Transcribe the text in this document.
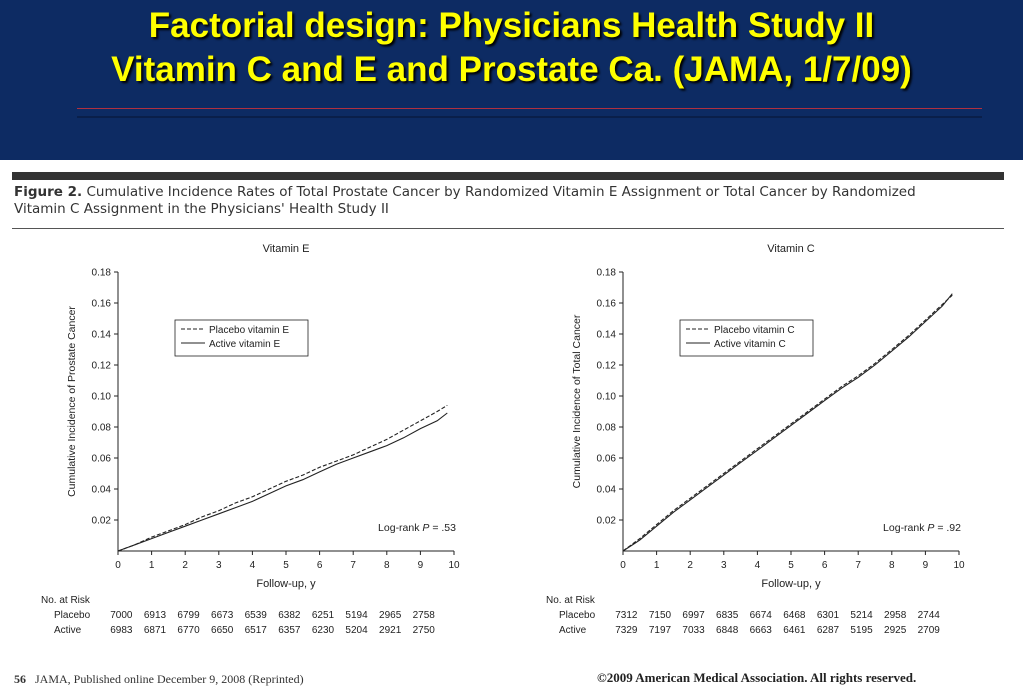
Factorial design: Physicians Health Study II
Vitamin C and E and Prostate Ca. (JAMA, 1/7/09)
Figure 2. Cumulative Incidence Rates of Total Prostate Cancer by Randomized Vitamin E Assignment or Total Cancer by Randomized
Vitamin C Assignment in the Physicians' Health Study II
Vitamin E
0.02
0.04
0.06
0.08
0.10
0.12
0.14
0.16
0.18
0	1	2	3	4	5	6	7	8	9	10
Follow-up, y
Cumulative Incidence of Prostate Cancer	Placebo vitamin E
Active vitamin E
Log-rank P = .53
No. at Risk
Placebo 7000 6913 6799 6673 6539 6382 6251 5194 2965 2758
Active	6983 6871 6770 6650 6517 6357 6230 5204 2921 2750
Vitamin C
0.02
0.04
0.06
0.08
0.10
0.12
0.14
0.16
0.18
0	1	2	3	4	5	6	7	8	9	10
Follow-up, y
Cumulative Incidence of Total Cancer	Placebo vitamin C
Active vitamin C
Log-rank P = .92
No. at Risk
Placebo 7312 7150 6997 6835 6674 6468 6301 5214 2958 2744
Active	7329 7197 7033 6848 6663 6461 6287 5195 2925 2709
56 JAMA, Published online December 9, 2008 (Reprinted)	©2009 American Medical Association. All rights reserved.
